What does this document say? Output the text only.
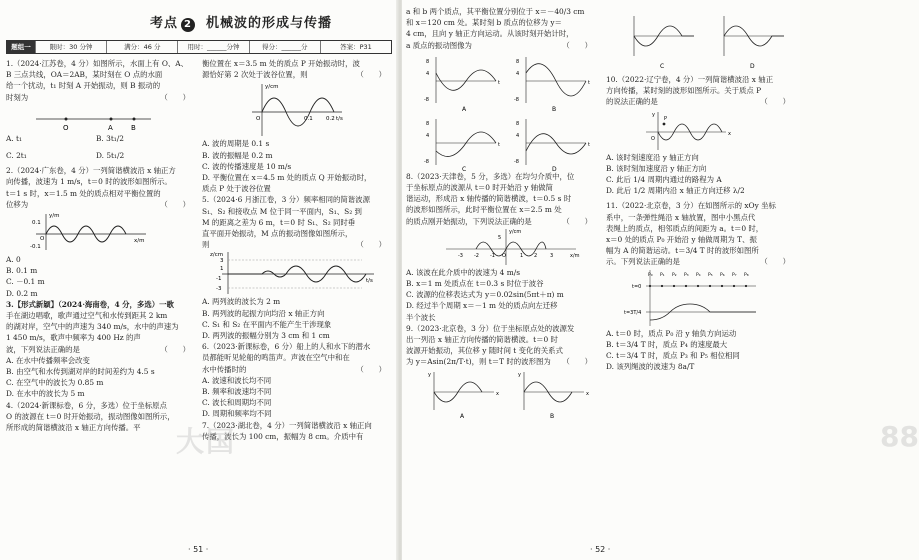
考点 2 机械波的形成与传播
题组一	限时：30 分钟	满分：46 分	用时：______分钟	得分：______分	答案：P31

1.（2024·江苏卷，4 分）如图所示，水面上有 O、A、

B 三点共线，OA＝2AB，某时刻在 O 点的水面

给一个扰动，t₁ 时刻 A 开始振动，则 B 振动的

时刻为	（　　）

O	A	B

A. t₁	B. 3t₁/2

C. 2t₁	D. 5t₁/2

2.（2024·广东卷，4 分）一列简谐横波沿 x 轴正方

向传播，波速为 1 m/s，t＝0 时的波形如图所示。

t＝1 s 时，x＝1.5 m 处的质点相对平衡位置的

位移为	（　　）

y/m
x/m
0.1
-0.1
O

A. 0

B. 0.1 m

C. －0.1 m

D. 0.2 m

3.【形式新颖】（2024·海南卷，4 分，多选）一歌

手在湖边唱歌，歌声通过空气和水传到距其 2 km

的湖对岸，空气中的声速为 340 m/s，水中的声速为

1 450 m/s，歌声中频率为 400 Hz 的声

波，下列说法正确的是	（　　）

A. 在水中传播频率会改变

B. 由空气和水传到湖对岸的时间差约为 4.5 s

C. 在空气中的波长为 0.85 m

D. 在水中的波长为 5 m

4.（2024·新课标卷，6 分，多选）位于坐标原点

O 的波源在 t＝0 时开始振动，振动图像如图所示，

所形成的简谐横波沿 x 轴正方向传播。平

衡位置在 x＝3.5 m 处的质点 P 开始振动时，波

源恰好第 2 次处于波谷位置，则	（　　）

y/cm
t/s
0.1 0.2
O

A. 波的周期是 0.1 s

B. 波的振幅是 0.2 m

C. 波的传播速度是 10 m/s

D. 平衡位置在 x＝4.5 m 处的质点 Q 开始振动时，

质点 P 处于波谷位置

5.（2024·6 月浙江卷，3 分）频率相同的简谐波源

S₁、S₂ 和接收点 M 位于同一平面内，S₁、S₂ 到

M 的距离之差为 6 m，t＝0 时 S₁、S₂ 同时垂

直平面开始振动，M 点的振动图像如图所示，

则	（　　）

z/cm
t/s
3
1
-1
-3

A. 两列波的波长为 2 m

B. 两列波的起振方向均沿 x 轴正方向

C. S₁ 和 S₂ 在平面内不能产生干涉现象

D. 两列波的振幅分别为 3 cm 和 1 cm

6.（2023·新课标卷，6 分）船上的人和水下的潜水

员都能听见轮船的鸣笛声。声波在空气中和在

水中传播时的	（　　）

A. 波速和波长均不同

B. 频率和波速均不同

C. 波长和周期均不同

D. 周期和频率均不同

7.（2023·湖北卷，4 分）一列简谐横波沿 x 轴正向

传播，波长为 100 cm，振幅为 8 cm。介质中有

大国
· 51 ·

a 和 b 两个质点，其平衡位置分别位于 x＝－40/3 cm

和 x＝120 cm 处。某时刻 b 质点的位移为 y＝

4 cm，且向 y 轴正方向运动。从该时刻开始计时，

a 质点的振动图像为	（　　）

8
4
-8
t
A
8
4
-8
t
B
8
4
-8
t
C
8
4
-8
t
D

8.（2023·天津卷，5 分，多选）在均匀介质中，位

于坐标原点的波源从 t＝0 时开始沿 y 轴做简

谐运动，形成沿 x 轴传播的简谐横波，t＝0.5 s 时

的波形如图所示，此时平衡位置在 x＝2.5 m 处

的质点刚开始振动，下列说法正确的是	（　　）

y/cm
x/m
5
-3 -2 -1 O	1 2	3

A. 该波在此介质中的波速为 4 m/s

B. x＝1 m 处质点在 t＝0.3 s 时位于波谷

C. 波源的位移表达式为 y＝0.02sin(5πt＋π) m

D. 经过半个周期 x＝－1 m 处的质点向左迁移

半个波长

9.（2023·北京卷，3 分）位于坐标原点处的波源发

出一列沿 x 轴正方向传播的简谐横波。t＝0 时

波源开始振动，其位移 y 随时间 t 变化的关系式

为 y＝Asin(2π/T·t)，则 t＝T 时的波形图为 （　　）

y
x
A
y
x
B
C	D

10.（2022·辽宁卷，4 分）一列简谐横波沿 x 轴正

方向传播，某时刻的波形如图所示。关于质点 P

的说法正确的是	（　　）

y
x
P
O

A. 该时刻速度沿 y 轴正方向

B. 该时刻加速度沿 y 轴正方向

C. 此后 1/4 周期内通过的路程为 A

D. 此后 1/2 周期内沿 x 轴正方向迁移 λ/2

11.（2022·北京卷，3 分）在如图所示的 xOy 坐标

系中，一条弹性绳沿 x 轴放置，图中小黑点代

表绳上的质点，相邻质点的间距为 a。t＝0 时，

x＝0 处的质点 P₀ 开始沿 y 轴做周期为 T、振

幅为 A 的简谐运动。t＝3/4 T 时的波形如图所

示。下列说法正确的是	（　　）

P₀ P₁ P₂ P₃ P₄ P₅ P₆ P₇ P₈
t=0
t=3T/4

A. t＝0 时，质点 P₀ 沿 y 轴负方向运动

B. t＝3/4 T 时，质点 P₄ 的速度最大

C. t＝3/4 T 时，质点 P₃ 和 P₅ 相位相同

D. 该列绳波的波速为 8a/T

88
· 52 ·
